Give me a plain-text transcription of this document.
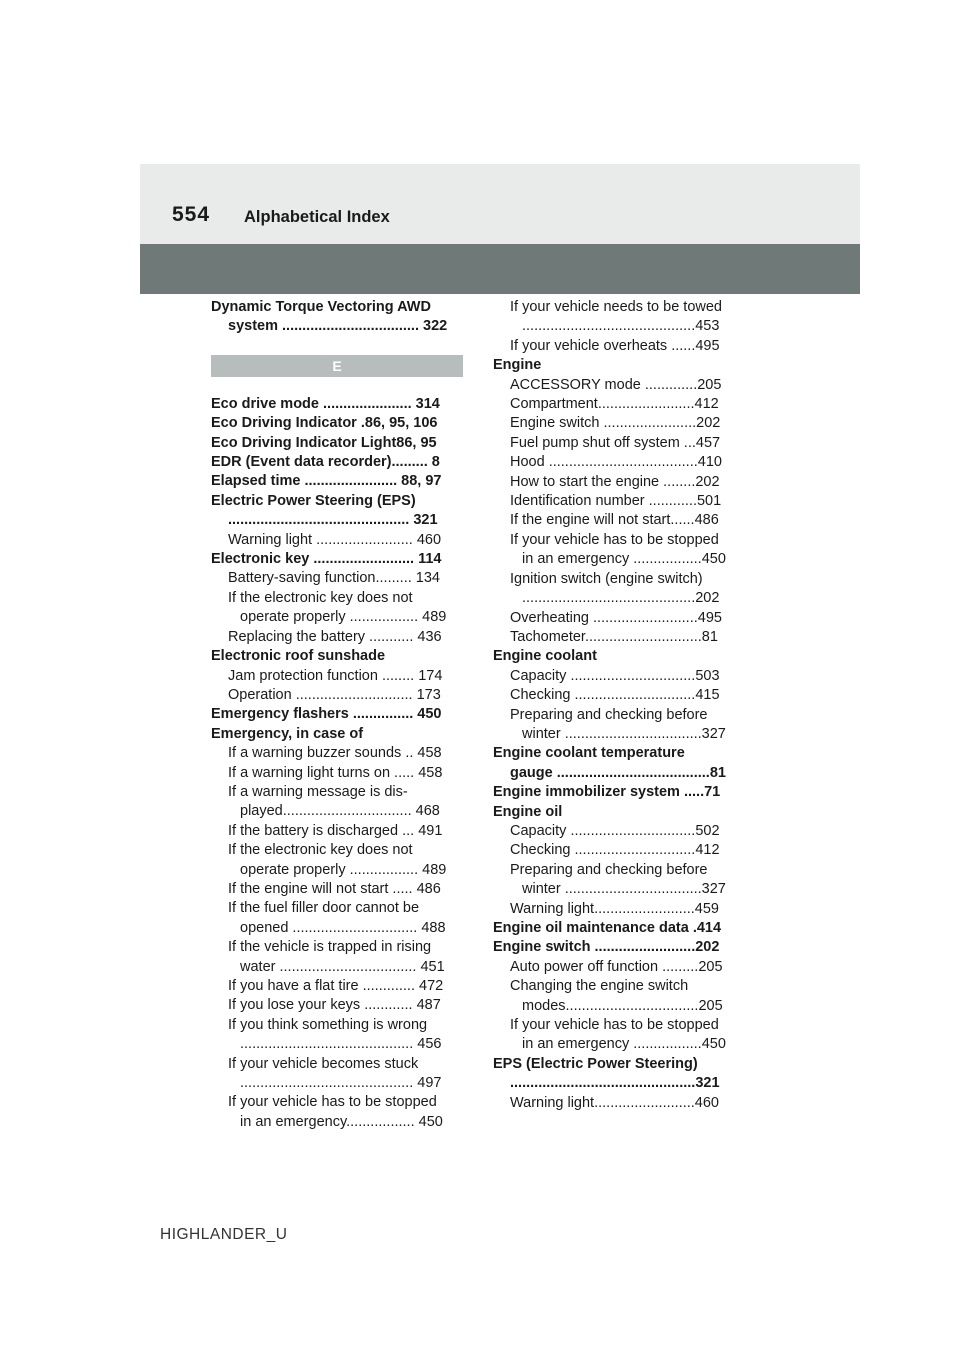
554 Alphabetical Index
Dynamic Torque Vectoring AWD
system .................................. 322
E
Eco drive mode ...................... 314
Eco Driving Indicator .86, 95, 106
Eco Driving Indicator Light86, 95
EDR (Event data recorder)......... 8
Elapsed time ....................... 88, 97
Electric Power Steering (EPS)
............................................. 321
Warning light ........................ 460
Electronic key ......................... 114
Battery-saving function......... 134
If the electronic key does not
operate properly ................. 489
Replacing the battery ........... 436
Electronic roof sunshade
Jam protection function ........ 174
Operation ............................. 173
Emergency flashers ............... 450
Emergency, in case of
If a warning buzzer sounds .. 458
If a warning light turns on ..... 458
If a warning message is dis-
played................................ 468
If the battery is discharged ... 491
If the electronic key does not
operate properly ................. 489
If the engine will not start ..... 486
If the fuel filler door cannot be
opened ............................... 488
If the vehicle is trapped in rising
water .................................. 451
If you have a flat tire ............. 472
If you lose your keys ............ 487
If you think something is wrong
........................................... 456
If your vehicle becomes stuck
........................................... 497
If your vehicle has to be stopped
in an emergency................. 450
If your vehicle needs to be towed
...........................................453
If your vehicle overheats ......495
Engine
ACCESSORY mode .............205
Compartment........................412
Engine switch .......................202
Fuel pump shut off system ...457
Hood .....................................410
How to start the engine ........202
Identification number ............501
If the engine will not start......486
If your vehicle has to be stopped
in an emergency .................450
Ignition switch (engine switch)
...........................................202
Overheating ..........................495
Tachometer.............................81
Engine coolant
Capacity ...............................503
Checking ..............................415
Preparing and checking before
winter ..................................327
Engine coolant temperature
gauge ......................................81
Engine immobilizer system .....71
Engine oil
Capacity ...............................502
Checking ..............................412
Preparing and checking before
winter ..................................327
Warning light.........................459
Engine oil maintenance data .414
Engine switch .........................202
Auto power off function .........205
Changing the engine switch
modes.................................205
If your vehicle has to be stopped
in an emergency .................450
EPS (Electric Power Steering)
..............................................321
Warning light.........................460
HIGHLANDER_U
